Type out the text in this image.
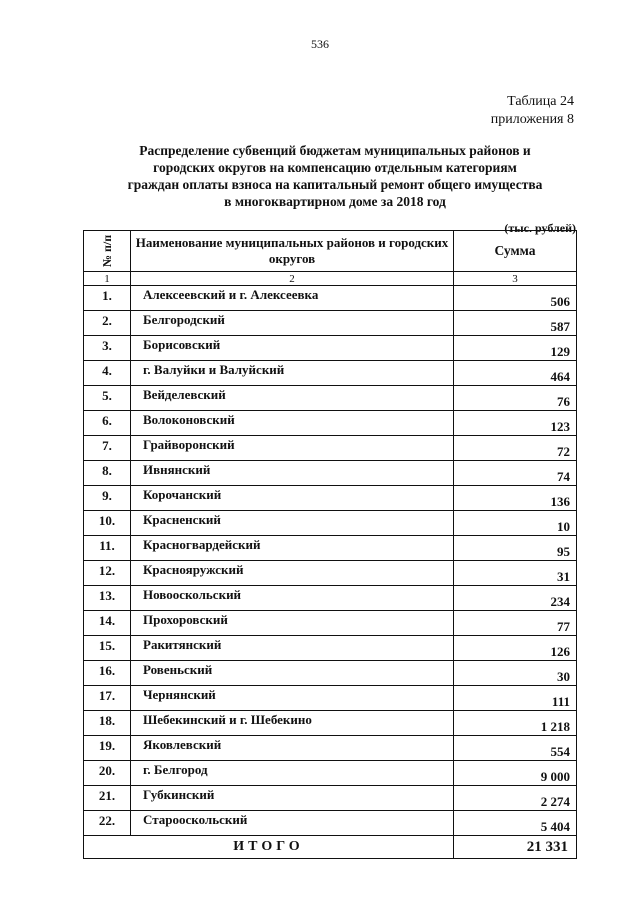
536
Таблица 24
приложения 8
Распределение субвенций бюджетам муниципальных районов и
городских округов на компенсацию отдельным категориям
граждан оплаты взноса на капитальный ремонт общего имущества
в многоквартирном доме за 2018 год
(тыс. рублей)
№ п/п	Наименование муниципальных районов и городских округов	Сумма
1	2	3
1.	Алексеевский и г. Алексеевка	506
2.	Белгородский	587
3.	Борисовский	129
4.	г. Валуйки и Валуйский	464
5.	Вейделевский	76
6.	Волоконовский	123
7.	Грайворонский	72
8.	Ивнянский	74
9.	Корочанский	136
10.	Красненский	10
11.	Красногвардейский	95
12.	Краснояружский	31
13.	Новооскольский	234
14.	Прохоровский	77
15.	Ракитянский	126
16.	Ровеньский	30
17.	Чернянский	111
18.	Шебекинский и г. Шебекино	1 218
19.	Яковлевский	554
20.	г. Белгород	9 000
21.	Губкинский	2 274
22.	Старооскольский	5 404
ИТОГО		21 331
